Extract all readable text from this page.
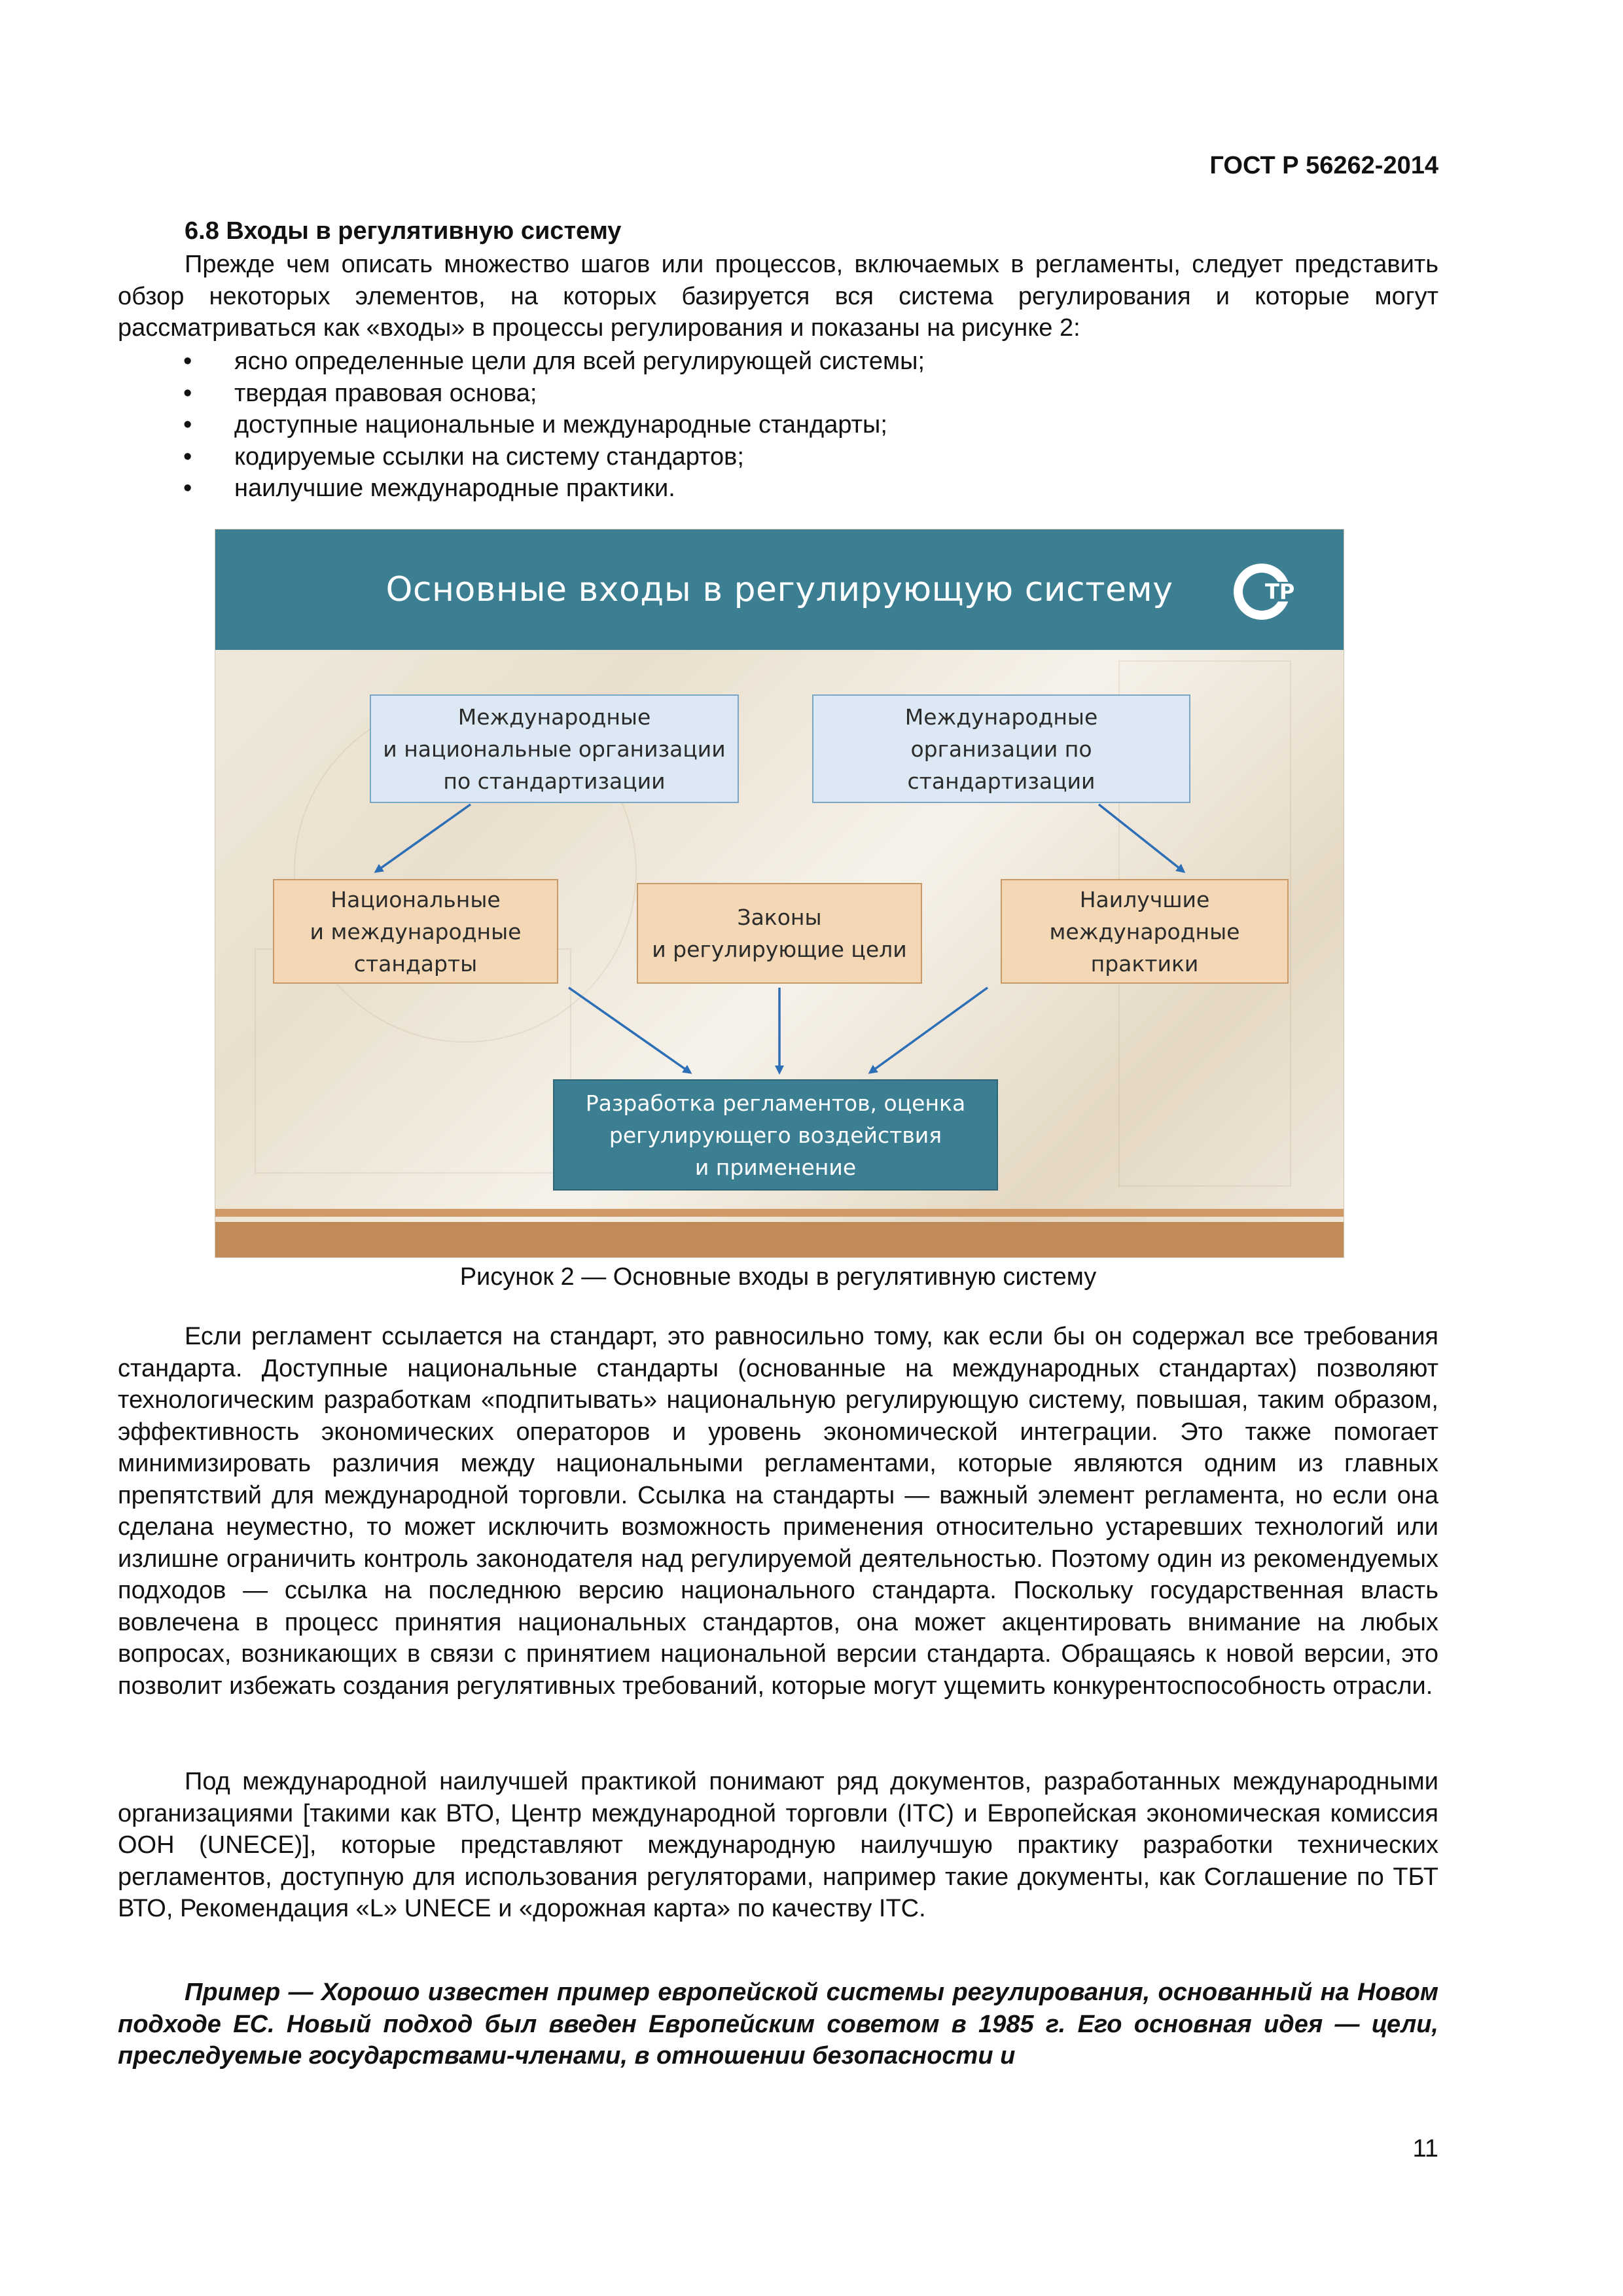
ГОСТ Р 56262-2014
6.8 Входы в регулятивную систему
Прежде чем описать множество шагов или процессов, включаемых в регламенты, следует представить обзор некоторых элементов, на которых базируется вся система регулирования и которые могут рассматриваться как «входы» в процессы регулирования и показаны на рисунке 2:
• ясно определенные цели для всей регулирующей системы;
• твердая правовая основа;
• доступные национальные и международные стандарты;
• кодируемые ссылки на систему стандартов;
• наилучшие международные практики.
Основные входы в регулирующую систему	ТР
Международные
и национальные организации
по стандартизации
Международные
организации по
стандартизации
Национальные
и международные
стандарты
Законы
и регулирующие цели
Наилучшие
международные
практики
Разработка регламентов, оценка
регулирующего воздействия
и применение
Рисунок 2 — Основные входы в регулятивную систему
Если регламент ссылается на стандарт, это равносильно тому, как если бы он содержал все требования стандарта. Доступные национальные стандарты (основанные на международных стандартах) позволяют технологическим разработкам «подпитывать» национальную регулирующую систему, повышая, таким образом, эффективность экономических операторов и уровень экономической интеграции. Это также помогает минимизировать различия между национальными регламентами, которые являются одним из главных препятствий для международной торговли. Ссылка на стандарты — важный элемент регламента, но если она сделана неуместно, то может исключить возможность применения относительно устаревших технологий или излишне ограничить контроль законодателя над регулируемой деятельностью. Поэтому один из рекомендуемых подходов — ссылка на последнюю версию национального стандарта. Поскольку государственная власть вовлечена в процесс принятия национальных стандартов, она может акцентировать внимание на любых вопросах, возникающих в связи с принятием национальной версии стандарта. Обращаясь к новой версии, это позволит избежать создания регулятивных требований, которые могут ущемить конкурентоспособность отрасли.
Под международной наилучшей практикой понимают ряд документов, разработанных международными организациями [такими как ВТО, Центр международной торговли (ITC) и Европейская экономическая комиссия ООН (UNECE)], которые представляют международную наилучшую практику разработки технических регламентов, доступную для использования регуляторами, например такие документы, как Соглашение по ТБТ ВТО, Рекомендация «L» UNECE и «дорожная карта» по качеству ITC.
Пример — Хорошо известен пример европейской системы регулирования, основанный на Новом подходе ЕС. Новый подход был введен Европейским советом в 1985 г. Его основная идея — цели, преследуемые государствами-членами, в отношении безопасности и
11
